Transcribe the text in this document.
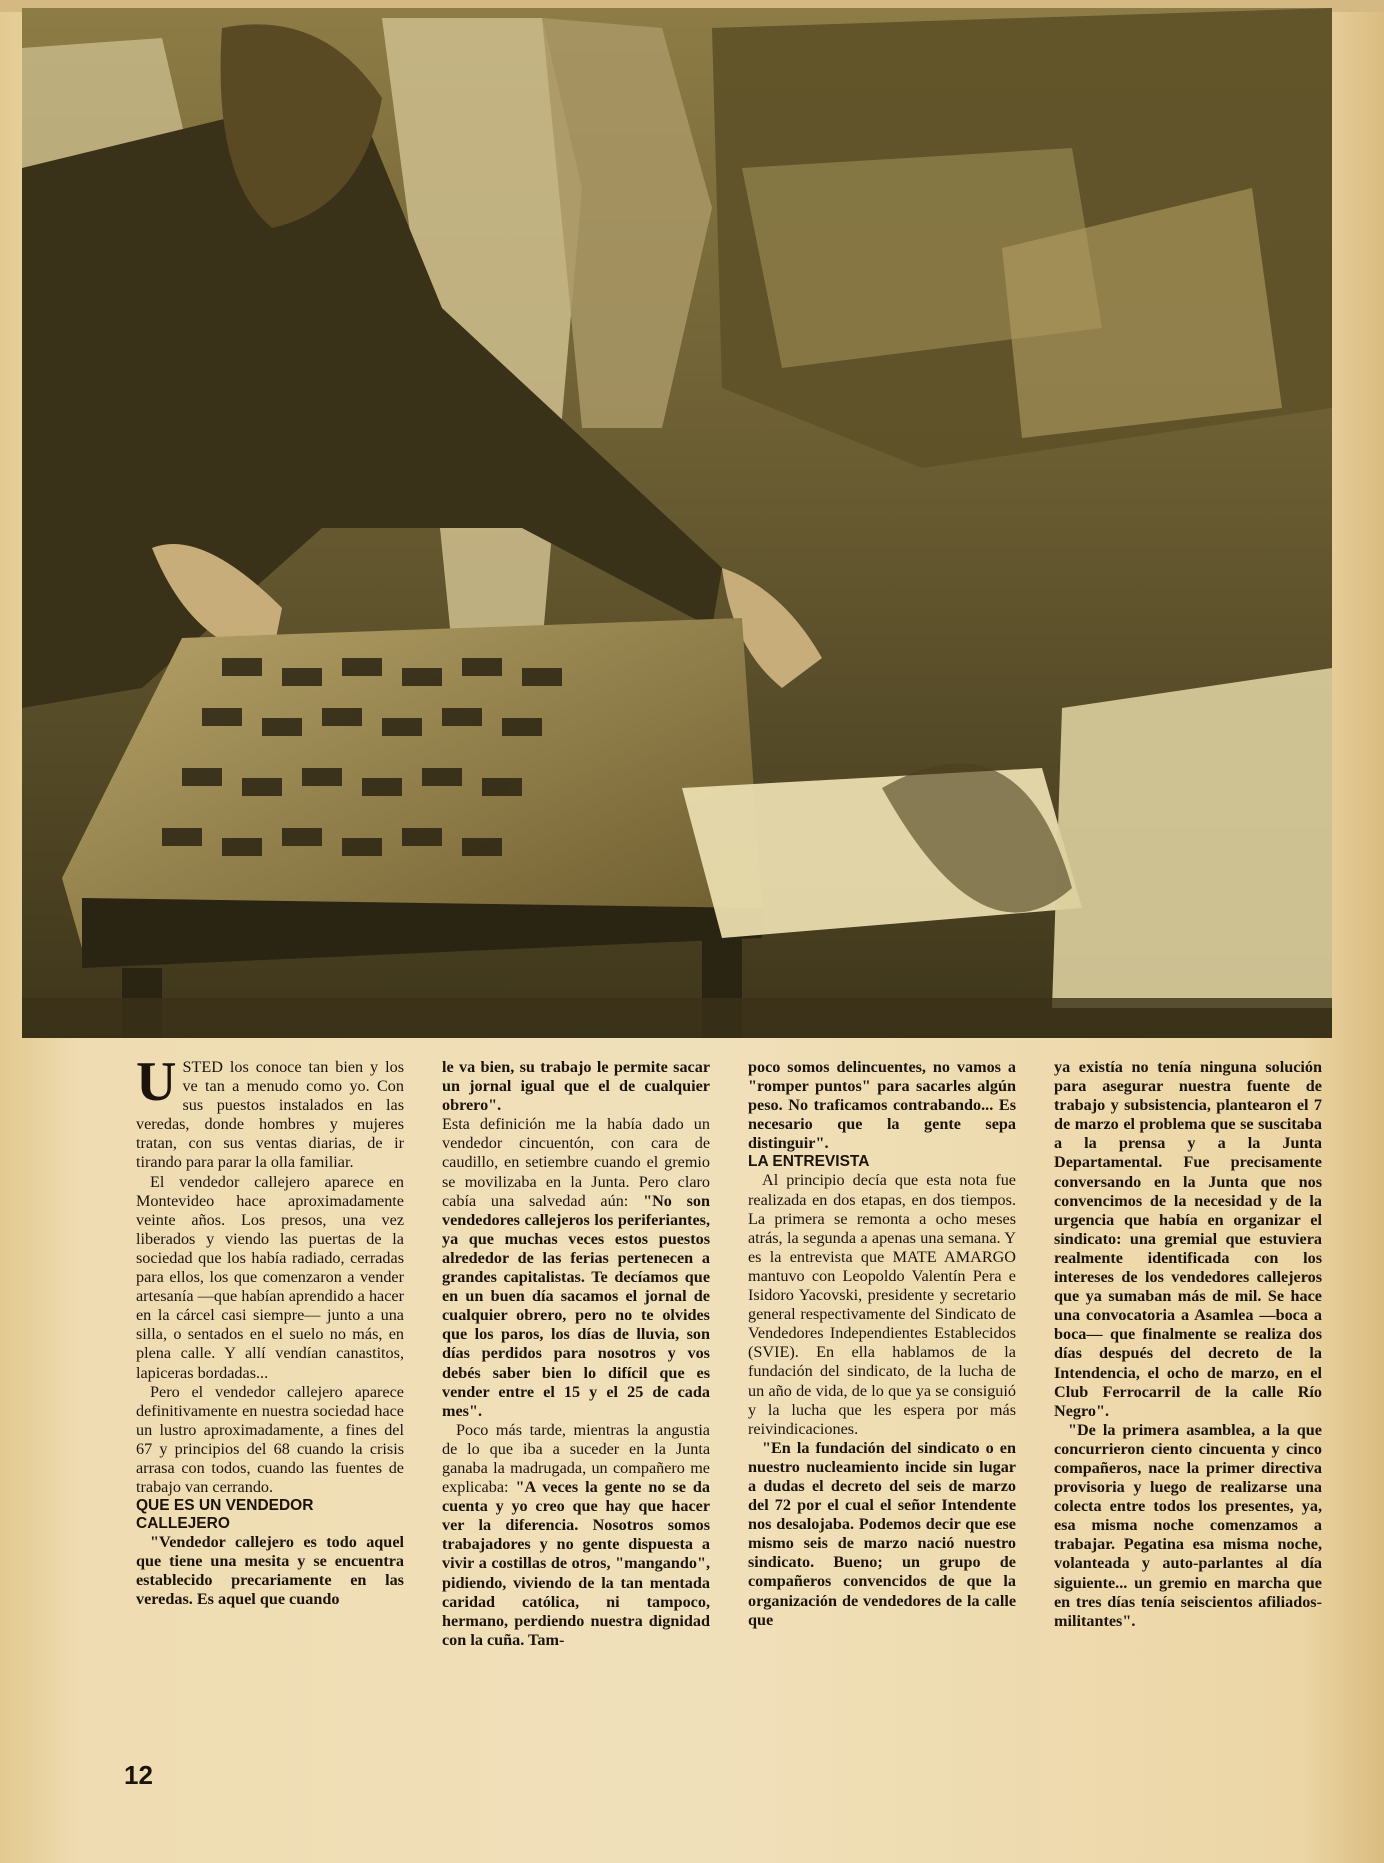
USTED los conoce tan bien y los ve tan a menudo como yo. Con sus puestos instalados en las veredas, donde hombres y mujeres tratan, con sus ventas diarias, de ir tirando para parar la olla familiar.

El vendedor callejero aparece en Montevideo hace aproximadamente veinte años. Los presos, una vez liberados y viendo las puertas de la sociedad que los había radiado, cerradas para ellos, los que comenzaron a vender artesanía —que habían aprendido a hacer en la cárcel casi siempre— junto a una silla, o sentados en el suelo no más, en plena calle. Y allí vendían canastitos, lapiceras bordadas...

Pero el vendedor callejero aparece definitivamente en nuestra sociedad hace un lustro aproximadamente, a fines del 67 y principios del 68 cuando la crisis arrasa con todos, cuando las fuentes de trabajo van cerrando.

QUE ES UN VENDEDOR CALLEJERO

"Vendedor callejero es todo aquel que tiene una mesita y se encuentra establecido precariamente en las veredas. Es aquel que cuando

le va bien, su trabajo le permite sacar un jornal igual que el de cualquier obrero".

Esta definición me la había dado un vendedor cincuentón, con cara de caudillo, en setiembre cuando el gremio se movilizaba en la Junta. Pero claro cabía una salvedad aún: "No son vendedores callejeros los periferiantes, ya que muchas veces estos puestos alrededor de las ferias pertenecen a grandes capitalistas. Te decíamos que en un buen día sacamos el jornal de cualquier obrero, pero no te olvides que los paros, los días de lluvia, son días perdidos para nosotros y vos debés saber bien lo difícil que es vender entre el 15 y el 25 de cada mes".

Poco más tarde, mientras la angustia de lo que iba a suceder en la Junta ganaba la madrugada, un compañero me explicaba: "A veces la gente no se da cuenta y yo creo que hay que hacer ver la diferencia. Nosotros somos trabajadores y no gente dispuesta a vivir a costillas de otros, "mangando", pidiendo, viviendo de la tan mentada caridad católica, ni tampoco, hermano, perdiendo nuestra dignidad con la cuña. Tam-

poco somos delincuentes, no vamos a "romper puntos" para sacarles algún peso. No traficamos contrabando... Es necesario que la gente sepa distinguir".

LA ENTREVISTA

Al principio decía que esta nota fue realizada en dos etapas, en dos tiempos. La primera se remonta a ocho meses atrás, la segunda a apenas una semana. Y es la entrevista que MATE AMARGO mantuvo con Leopoldo Valentín Pera e Isidoro Yacovski, presidente y secretario general respectivamente del Sindicato de Vendedores Independientes Establecidos (SVIE). En ella hablamos de la fundación del sindicato, de la lucha de un año de vida, de lo que ya se consiguió y la lucha que les espera por más reivindicaciones.

"En la fundación del sindicato o en nuestro nucleamiento incide sin lugar a dudas el decreto del seis de marzo del 72 por el cual el señor Intendente nos desalojaba. Podemos decir que ese mismo seis de marzo nació nuestro sindicato. Bueno; un grupo de compañeros convencidos de que la organización de vendedores de la calle que

ya existía no tenía ninguna solución para asegurar nuestra fuente de trabajo y subsistencia, plantearon el 7 de marzo el problema que se suscitaba a la prensa y a la Junta Departamental. Fue precisamente conversando en la Junta que nos convencimos de la necesidad y de la urgencia que había en organizar el sindicato: una gremial que estuviera realmente identificada con los intereses de los vendedores callejeros que ya sumaban más de mil. Se hace una convocatoria a Asamlea —boca a boca— que finalmente se realiza dos días después del decreto de la Intendencia, el ocho de marzo, en el Club Ferrocarril de la calle Río Negro".

"De la primera asamblea, a la que concurrieron ciento cincuenta y cinco compañeros, nace la primer directiva provisoria y luego de realizarse una colecta entre todos los presentes, ya, esa misma noche comenzamos a trabajar. Pegatina esa misma noche, volanteada y auto-parlantes al día siguiente... un gremio en marcha que en tres días tenía seiscientos afiliados-militantes".

12
